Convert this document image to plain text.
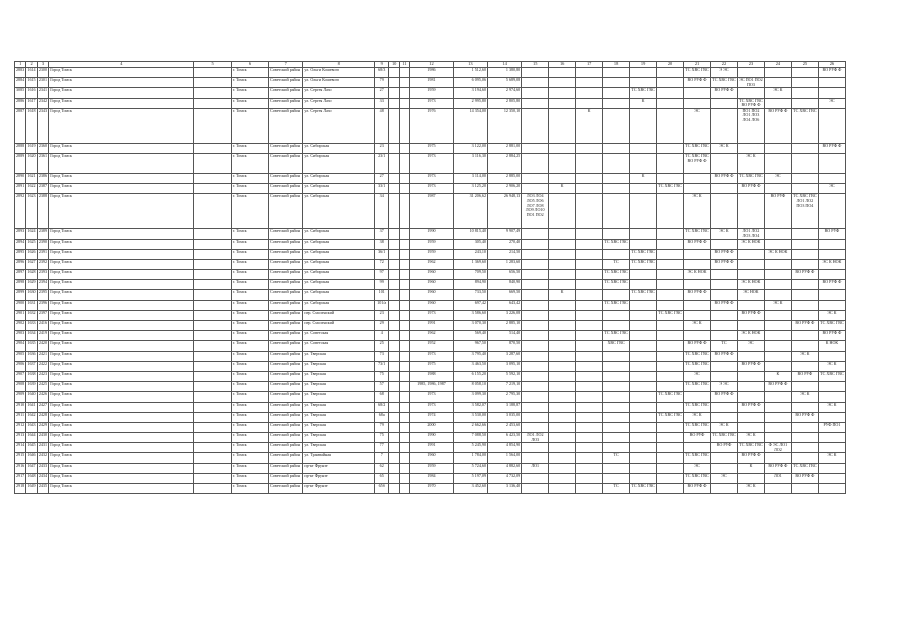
1	2	3	4	5	6	7	8	9	10	11	12	13	14	15	16	17	18	19	20	21	22	23	24	25	26
2883	1614	2300	Город Томск		г. Томск	Советский район	ул. Ольги Кошевого	68/3			1986	1 512,60	1 380,80							ТС ХВС ГВС	Э ЭС				ВО РУФ Ф
2884	1615	2301	Город Томск		г. Томск	Советский район	ул. Ольги Кошевого	79			1981	6 095,06	5 689,08							ВО РУФ Ф	ТС ХВС ГВС	ЭС ПО1 ПО2 ПО3			
3085	1616	2341	Город Томск		г. Томск	Советский район	ул. Сергея Лазо	27			1959	3 194,60	2 974,60					ТС ХВС ГВС			ВО РУФ Ф		ЭС К		
2886	1617	2342	Город Томск		г. Томск	Советский район	ул. Сергея Лазо	33			1973	2 995,80	2 805,80					К				ТС ХВС ГВС ВО РУФ Ф			ЭС
2887	1618	2343	Город Томск		г. Томск	Советский район	ул. Сергея Лазо	48			1976	14 354,00	12 350,10			К				ЭС		ПО1 ПО2 ЛО1 ЛО3 ЛО4 ЛО6	ВО РУФ Ф	ТС ХВС ГВС	
2888	1619	2360	Город Томск		г. Томск	Советский район	ул. Сибирская	23			1975	3 122,00	2 881,00							ТС ХВС ГВС	ЭС К				ВО РУФ Ф
2889	1620	2361	Город Томск		г. Томск	Советский район	ул. Сибирская	23/1			1973	3 116,30	2 884,25							ТС ХВС ГВС ВО РУФ Ф		ЭС К			
2890	1621	2386	Город Томск		г. Томск	Советский район	ул. Сибирская	27			1973	3 114,00	2 885,00					К			ВО РУФ Ф	ТС ХВС ГВС	ЭС		
2891	1622	2387	Город Томск		г. Томск	Советский район	ул. Сибирская	33/1			1973	3 125,20	2 906,20		К				ТС ХВС ГВС			ВО РУФ Ф			ЭС
2892	1623	2388	Город Томск		г. Томск	Советский район	ул. Сибирская	34			1987	31 206,62	26 948,13	ЛО3 ЛО4 ЛО5 ЛО6 ЛО7 ЛО8 ЛО9 ЛО10 ПО1 ПО2						ЭС К			ВО РУФ	ТС ХВС ГВС ЛО1 ЛО2 ПО3 ПО4	
2893	1624	2389	Город Томск		г. Томск	Советский район	ул. Сибирская	37			1990	10 815,40	9 907,49							ТС ХВС ГВС	ЭС К	ЛО1 ЛО2 ЛО3 ЛО4			ВО РУФ
2894	1625	2390	Город Томск		г. Томск	Советский район	ул. Сибирская	38			1959	305,40	270,40				ТС ХВС ГВС			ВО РУФ Ф		ЭС К НОК			
2895	1626	2391	Город Томск		г. Томск	Советский район	ул. Сибирская	36/1			1959	243,10	214,50					ТС ХВС ГВС			ВО РУФ Ф		ЭС К НОК		
2896	1627	2392	Город Томск		г. Томск	Советский район	ул. Сибирская	72			1962	1 369,60	1 283,60				ТС	ТС ХВС ГВС			ВО РУФ Ф				ЭС К НОК
2897	1628	2393	Город Томск		г. Томск	Советский район	ул. Сибирская	97			1960	709,50	656,50				ТС ХВС ГВС			ЭС К НОК				ВО РУФ Ф	
2898	1629	2394	Город Томск		г. Томск	Советский район	ул. Сибирская	99			1960	894,90	840,90				ТС ХВС ГВС					ЭС К НОК			ВО РУФ Ф
2899	1630	2395	Город Томск		г. Томск	Советский район	ул. Сибирская	101			1960	733,50	669,50		К			ТС ХВС ГВС		ВО РУФ Ф		ЭС НОК			
2900	1631	2396	Город Томск		г. Томск	Советский район	ул. Сибирская	101/а			1960	697,42	643,42				ТС ХВС ГВС				ВО РУФ Ф		ЭС К		
2901	1632	2397	Город Томск		г. Томск	Советский район	пер. Смоленский	23			1973	3 586,60	3 226,08						ТС ХВС ГВС			ВО РУФ Ф			ЭС К
2902	1633	2416	Город Томск		г. Томск	Советский район	пер. Смоленский	29			1991	3 070,30	2 885,10							ЭС К				ВО РУФ Ф	ТС ХВС ГВС
2903	1634	2419	Город Томск		г. Томск	Советский район	ул. Советская	4			1962	569,40	514,40				ТС ХВС ГВС					ЭС К НОК			ВО РУФ Ф
2904	1635	2420	Город Томск		г. Томск	Советский район	ул. Советская	25			1952	967,50	870,50				ХВС ГВС			ВО РУФ Ф	ТС	ЭС			К НОК
2905	1636	2421	Город Томск		г. Томск	Советский район	ул. Тверская	73			1973	3 795,40	3 287,60							ТС ХВС ГВС	ВО РУФ Ф			ЭС К	
2906	1637	2422	Город Томск		г. Томск	Советский район	ул. Тверская	73/1			1975	3 463,50	3 095,10							ТС ХВС ГВС		ВО РУФ Ф			ЭС К
2907	1638	2423	Город Томск		г. Томск	Советский район	ул. Тверская	75			1988	6 155,20	5 592,10							ЭС			К	ВО РУФ	ТС ХВС ГВС
2908	1639	2425	Город Томск		г. Томск	Советский район	ул. Тверская	57			1985, 1986, 1987	8 058,10	7 219,10							ТС ХВС ГВС	Э ЭС		ВО РУФ Ф		
2909	1640	2426	Город Томск		г. Томск	Советский район	ул. Тверская	68			1973	3 099,30	2 795,30						ТС ХВС ГВС		ВО РУФ Ф			ЭС К	
2910	1641	2427	Город Томск		г. Томск	Советский район	ул. Тверская	68/2			1973	3 582,07	3 188,87							ТС ХВС ГВС		ВО РУФ Ф			ЭС К
2911	1642	2428	Город Томск		г. Томск	Советский район	ул. Тверская	68а			1974	3 530,00	3 035,00						ТС ХВС ГВС	ЭС К				ВО РУФ Ф	
2912	1643	2429	Город Томск		г. Томск	Советский район	ул. Тверская	79			2000	2 662,66	2 453,60							ТС ХВС ГВС	ЭС К				РУФ ПО1
2913	1644	2430	Город Томск		г. Томск	Советский район	ул. Тверская	75			1990	7 088,50	6 423,50	ЛО1 ЛО2 ЛО3						ВО РУФ	ТС ХВС ГВС	ЭС К			
2914	1645	2431	Город Томск		г. Томск	Советский район	ул. Тверская	77			1991	5 245,90	4 854,90								ВО РУФ	ТС ХВС ГВС	Ф ЭС ЛО1 ЛО2		
2915	1646	2432	Город Томск		г. Томск	Советский район	ул. Трамвайная	7			1960	1 784,00	1 564,00				ТС			ТС ХВС ГВС		ВО РУФ Ф			ЭС К
2916	1647	2433	Город Томск		г. Томск	Советский район	пр-кт Фрунзе	62			1959	5 724,60	4 882,60	ЛО1						ЭС		К	ВО РУФ Ф	ТС ХВС ГВС	
2917	1648	2434	Город Томск		г. Томск	Советский район	пр-кт Фрунзе	65			1984	5 197,09	4 732,09							ТС ХВС ГВС	ЭС		ЛО1	ВО РУФ Ф	
2918	1649	2435	Город Томск		г. Томск	Советский район	пр-кт Фрунзе	65б			1970	3 452,60	3 136,40				ТС	ТС ХВС ГВС		ВО РУФ Ф		ЭС К			
